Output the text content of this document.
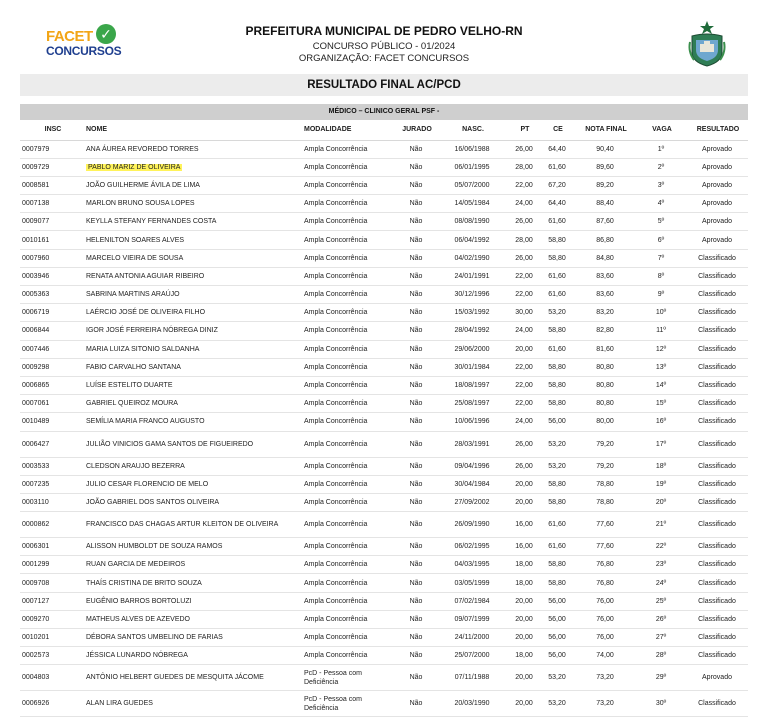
FACET ✓
CONCURSOS
PREFEITURA MUNICIPAL DE PEDRO VELHO-RN
CONCURSO PÚBLICO - 01/2024
ORGANIZAÇÃO: FACET CONCURSOS
RESULTADO FINAL AC/PCD
MÉDICO – CLINICO GERAL PSF -
INSC	NOME	MODALIDADE	JURADO	NASC.	PT	CE	NOTA FINAL	VAGA	RESULTADO
0007979	ANA ÁUREA REVOREDO TORRES	Ampla Concorrência	Não	16/06/1988	26,00	64,40	90,40	1º	Aprovado
0009729	PABLO MARIZ DE OLIVEIRA	Ampla Concorrência	Não	06/01/1995	28,00	61,60	89,60	2º	Aprovado
0008581	JOÃO GUILHERME ÁVILA DE LIMA	Ampla Concorrência	Não	05/07/2000	22,00	67,20	89,20	3º	Aprovado
0007138	MARLON BRUNO SOUSA LOPES	Ampla Concorrência	Não	14/05/1984	24,00	64,40	88,40	4º	Aprovado
0009077	KEYLLA STEFANY FERNANDES COSTA	Ampla Concorrência	Não	08/08/1990	26,00	61,60	87,60	5º	Aprovado
0010161	HELENILTON SOARES ALVES	Ampla Concorrência	Não	06/04/1992	28,00	58,80	86,80	6º	Aprovado
0007960	MARCELO VIEIRA DE SOUSA	Ampla Concorrência	Não	04/02/1990	26,00	58,80	84,80	7º	Classificado
0003946	RENATA ANTONIA AGUIAR RIBEIRO	Ampla Concorrência	Não	24/01/1991	22,00	61,60	83,60	8º	Classificado
0005363	SABRINA MARTINS ARAÚJO	Ampla Concorrência	Não	30/12/1996	22,00	61,60	83,60	9º	Classificado
0006719	LAÉRCIO JOSÉ DE OLIVEIRA FILHO	Ampla Concorrência	Não	15/03/1992	30,00	53,20	83,20	10º	Classificado
0006844	IGOR JOSÉ FERREIRA NÓBREGA DINIZ	Ampla Concorrência	Não	28/04/1992	24,00	58,80	82,80	11º	Classificado
0007446	MARIA LUIZA SITONIO SALDANHA	Ampla Concorrência	Não	29/06/2000	20,00	61,60	81,60	12º	Classificado
0009298	FABIO CARVALHO SANTANA	Ampla Concorrência	Não	30/01/1984	22,00	58,80	80,80	13º	Classificado
0006865	LUÍSE ESTELITO DUARTE	Ampla Concorrência	Não	18/08/1997	22,00	58,80	80,80	14º	Classificado
0007061	GABRIEL QUEIROZ MOURA	Ampla Concorrência	Não	25/08/1997	22,00	58,80	80,80	15º	Classificado
0010489	SEMÍLIA MARIA FRANCO AUGUSTO	Ampla Concorrência	Não	10/06/1996	24,00	56,00	80,00	16º	Classificado
0006427	JULIÃO VINICIOS GAMA SANTOS DE FIGUEIREDO	Ampla Concorrência	Não	28/03/1991	26,00	53,20	79,20	17º	Classificado
0003533	CLEDSON ARAUJO BEZERRA	Ampla Concorrência	Não	09/04/1996	26,00	53,20	79,20	18º	Classificado
0007235	JULIO CESAR FLORENCIO DE MELO	Ampla Concorrência	Não	30/04/1984	20,00	58,80	78,80	19º	Classificado
0003110	JOÃO GABRIEL DOS SANTOS OLIVEIRA	Ampla Concorrência	Não	27/09/2002	20,00	58,80	78,80	20º	Classificado
0000862	FRANCISCO DAS CHAGAS ARTUR KLEITON DE OLIVEIRA	Ampla Concorrência	Não	26/09/1990	16,00	61,60	77,60	21º	Classificado
0006301	ALISSON HUMBOLDT DE SOUZA RAMOS	Ampla Concorrência	Não	06/02/1995	16,00	61,60	77,60	22º	Classificado
0001299	RUAN GARCIA DE MEDEIROS	Ampla Concorrência	Não	04/03/1995	18,00	58,80	76,80	23º	Classificado
0009708	THAÍS CRISTINA DE BRITO SOUZA	Ampla Concorrência	Não	03/05/1999	18,00	58,80	76,80	24º	Classificado
0007127	EUGÊNIO BARROS BORTOLUZI	Ampla Concorrência	Não	07/02/1984	20,00	56,00	76,00	25º	Classificado
0009270	MATHEUS ALVES DE AZEVEDO	Ampla Concorrência	Não	09/07/1999	20,00	56,00	76,00	26º	Classificado
0010201	DÉBORA SANTOS UMBELINO DE FARIAS	Ampla Concorrência	Não	24/11/2000	20,00	56,00	76,00	27º	Classificado
0002573	JÉSSICA LUNARDO NÓBREGA	Ampla Concorrência	Não	25/07/2000	18,00	56,00	74,00	28º	Classificado
0004803	ANTÔNIO HELBERT GUEDES DE MESQUITA JÁCOME	PcD - Pessoa com Deficiência	Não	07/11/1988	20,00	53,20	73,20	29º	Aprovado
0006926	ALAN LIRA GUEDES	PcD - Pessoa com Deficiência	Não	20/03/1990	20,00	53,20	73,20	30º	Classificado
